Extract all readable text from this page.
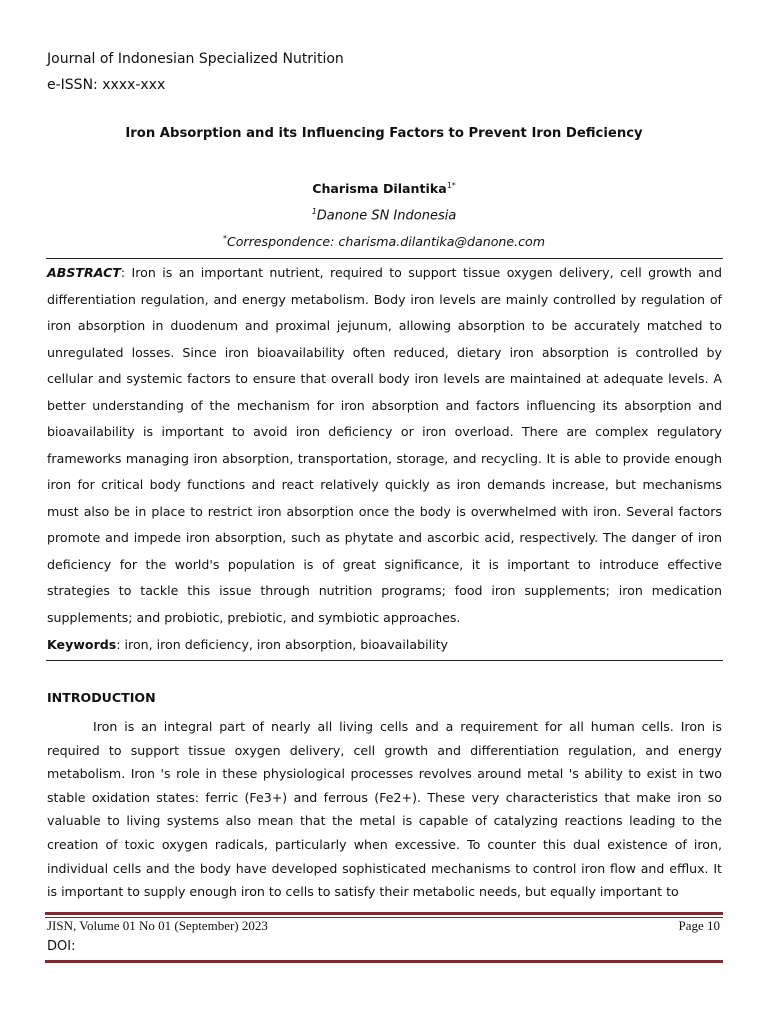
Journal of Indonesian Specialized Nutrition
e-ISSN: xxxx-xxx
Iron Absorption and its Influencing Factors to Prevent Iron Deficiency
Charisma Dilantika$^{1*}$
$^1$Danone SN Indonesia
*Correspondence: charisma.dilantika@danone.com

ABSTRACT: Iron is an important nutrient, required to support tissue oxygen delivery, cell growth and differentiation regulation, and energy metabolism. Body iron levels are mainly controlled by regulation of iron absorption in duodenum and proximal jejunum, allowing absorption to be accurately matched to unregulated losses. Since iron bioavailability often reduced, dietary iron absorption is controlled by cellular and systemic factors to ensure that overall body iron levels are maintained at adequate levels. A better understanding of the mechanism for iron absorption and factors influencing its absorption and bioavailability is important to avoid iron deficiency or iron overload. There are complex regulatory frameworks managing iron absorption, transportation, storage, and recycling. It is able to provide enough iron for critical body functions and react relatively quickly as iron demands increase, but mechanisms must also be in place to restrict iron absorption once the body is overwhelmed with iron. Several factors promote and impede iron absorption, such as phytate and ascorbic acid, respectively. The danger of iron deficiency for the world's population is of great significance, it is important to introduce effective strategies to tackle this issue through nutrition programs; food iron supplements; iron medication supplements; and probiotic, prebiotic, and symbiotic approaches.

Keywords: iron, iron deficiency, iron absorption, bioavailability
INTRODUCTION

Iron is an integral part of nearly all living cells and a requirement for all human cells. Iron is required to support tissue oxygen delivery, cell growth and differentiation regulation, and energy metabolism. Iron 's role in these physiological processes revolves around metal 's ability to exist in two stable oxidation states: ferric (Fe3+) and ferrous (Fe2+). These very characteristics that make iron so valuable to living systems also mean that the metal is capable of catalyzing reactions leading to the creation of toxic oxygen radicals, particularly when excessive. To counter this dual existence of iron, individual cells and the body have developed sophisticated mechanisms to control iron flow and efflux. It is important to supply enough iron to cells to satisfy their metabolic needs, but equally important to

JISN, Volume 01 No 01 (September) 2023	Page 10
DOI:
